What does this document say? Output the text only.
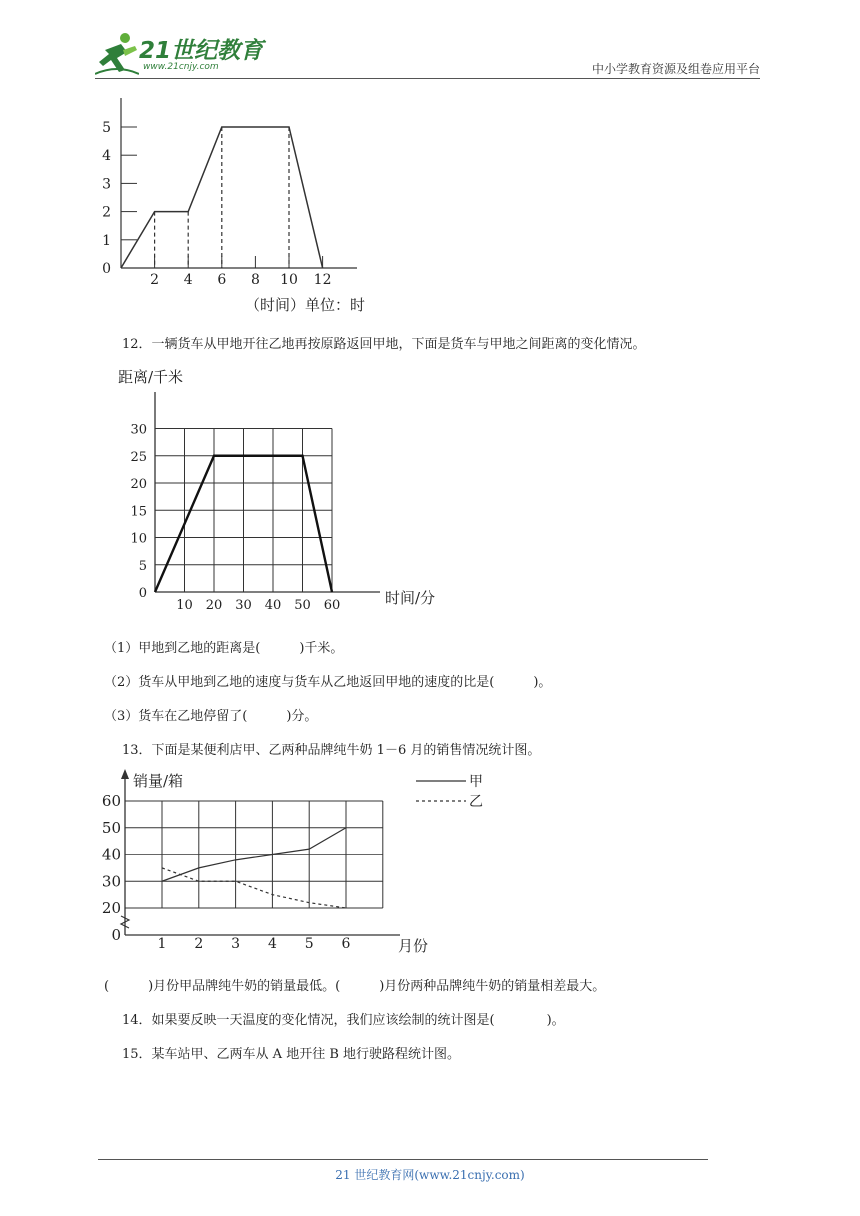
21世纪教育
www.21cnjy.com	中小学教育资源及组卷应用平台
0
1
2
3
4
5
2 4 6 8 10 12
（时间）单位：时
12．一辆货车从甲地开往乙地再按原路返回甲地，下面是货车与甲地之间距离的变化情况。
0
5
10
15
20
25
30
10 20 30 40 50 60
距离/千米
时间/分
（1）甲地到乙地的距离是(　　　)千米。
（2）货车从甲地到乙地的速度与货车从乙地返回甲地的速度的比是(　　　)。
（3）货车在乙地停留了(　　　)分。
13．下面是某便利店甲、乙两种品牌纯牛奶 1－6 月的销售情况统计图。
0
20
30
40
50
60
1 2 3 4 5 6
销量/箱
月份
甲
乙
(　　　)月份甲品牌纯牛奶的销量最低。(　　　)月份两种品牌纯牛奶的销量相差最大。
14．如果要反映一天温度的变化情况，我们应该绘制的统计图是(　　　　)。
15．某车站甲、乙两车从 A 地开往 B 地行驶路程统计图。
21 世纪教育网(www.21cnjy.com)
